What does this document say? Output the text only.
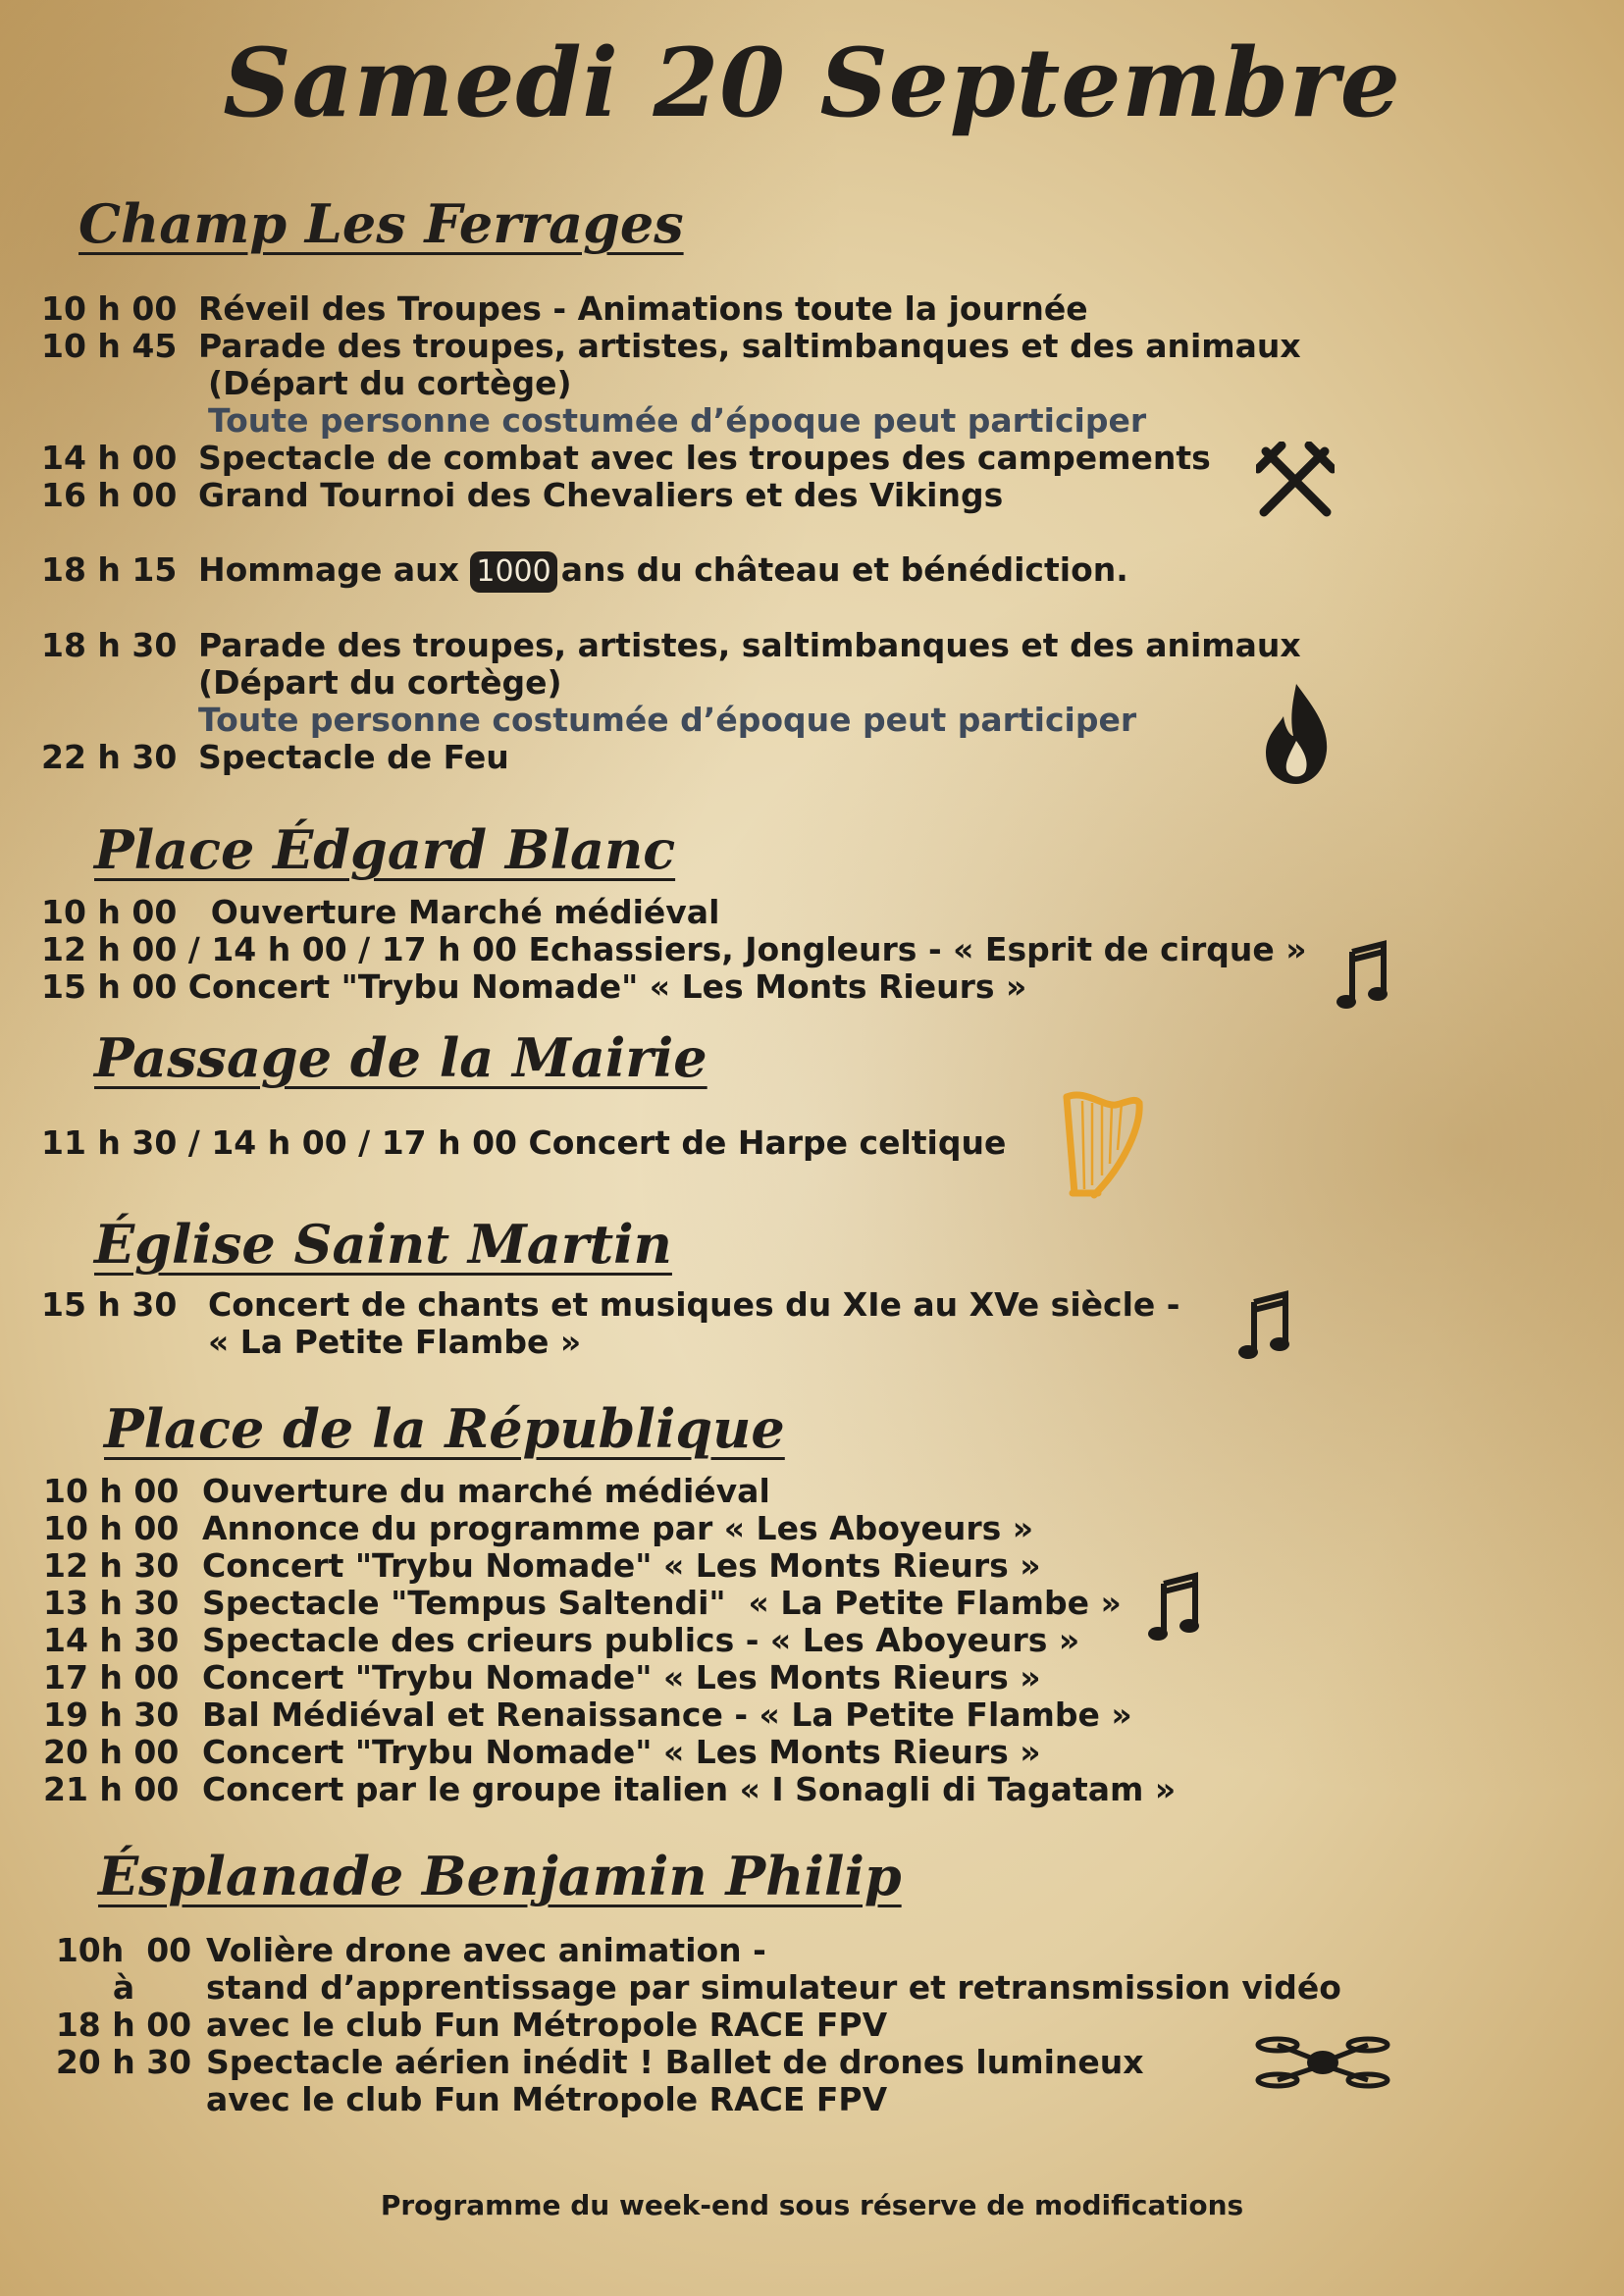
Samedi 20 Septembre
Champ Les Ferrages
10 h 00 Réveil des Troupes - Animations toute la journée
10 h 45 Parade des troupes, artistes, saltimbanques et des animaux
(Départ du cortège)
Toute personne costumée d’époque peut participer
14 h 00 Spectacle de combat avec les troupes des campements
16 h 00 Grand Tournoi des Chevaliers et des Vikings
18 h 15 Hommage aux 1000 ans du château et bénédiction.
18 h 30 Parade des troupes, artistes, saltimbanques et des animaux
(Départ du cortège)
Toute personne costumée d’époque peut participer
22 h 30 Spectacle de Feu
Place Édgard Blanc
10 h 00   Ouverture Marché médiéval
12 h 00 / 14 h 00 / 17 h 00 Echassiers, Jongleurs - « Esprit de cirque »
15 h 00 Concert "Trybu Nomade" « Les Monts Rieurs »
Passage de la Mairie
11 h 30 / 14 h 00 / 17 h 00 Concert de Harpe celtique
Église Saint Martin
15 h 30 Concert de chants et musiques du XIe au XVe siècle -
« La Petite Flambe »
Place de la République
10 h 00 Ouverture du marché médiéval
10 h 00 Annonce du programme par « Les Aboyeurs »
12 h 30 Concert "Trybu Nomade" « Les Monts Rieurs »
13 h 30 Spectacle "Tempus Saltendi"  « La Petite Flambe »
14 h 30 Spectacle des crieurs publics - « Les Aboyeurs »
17 h 00 Concert "Trybu Nomade" « Les Monts Rieurs »
19 h 30 Bal Médiéval et Renaissance - « La Petite Flambe »
20 h 00 Concert "Trybu Nomade" « Les Monts Rieurs »
21 h 00 Concert par le groupe italien « I Sonagli di Tagatam »
Ésplanade Benjamin Philip
10h  00 Volière drone avec animation -
à stand d’apprentissage par simulateur et retransmission vidéo
18 h 00 avec le club Fun Métropole RACE FPV
20 h 30 Spectacle aérien inédit ! Ballet de drones lumineux
avec le club Fun Métropole RACE FPV
Programme du week-end sous réserve de modifications
